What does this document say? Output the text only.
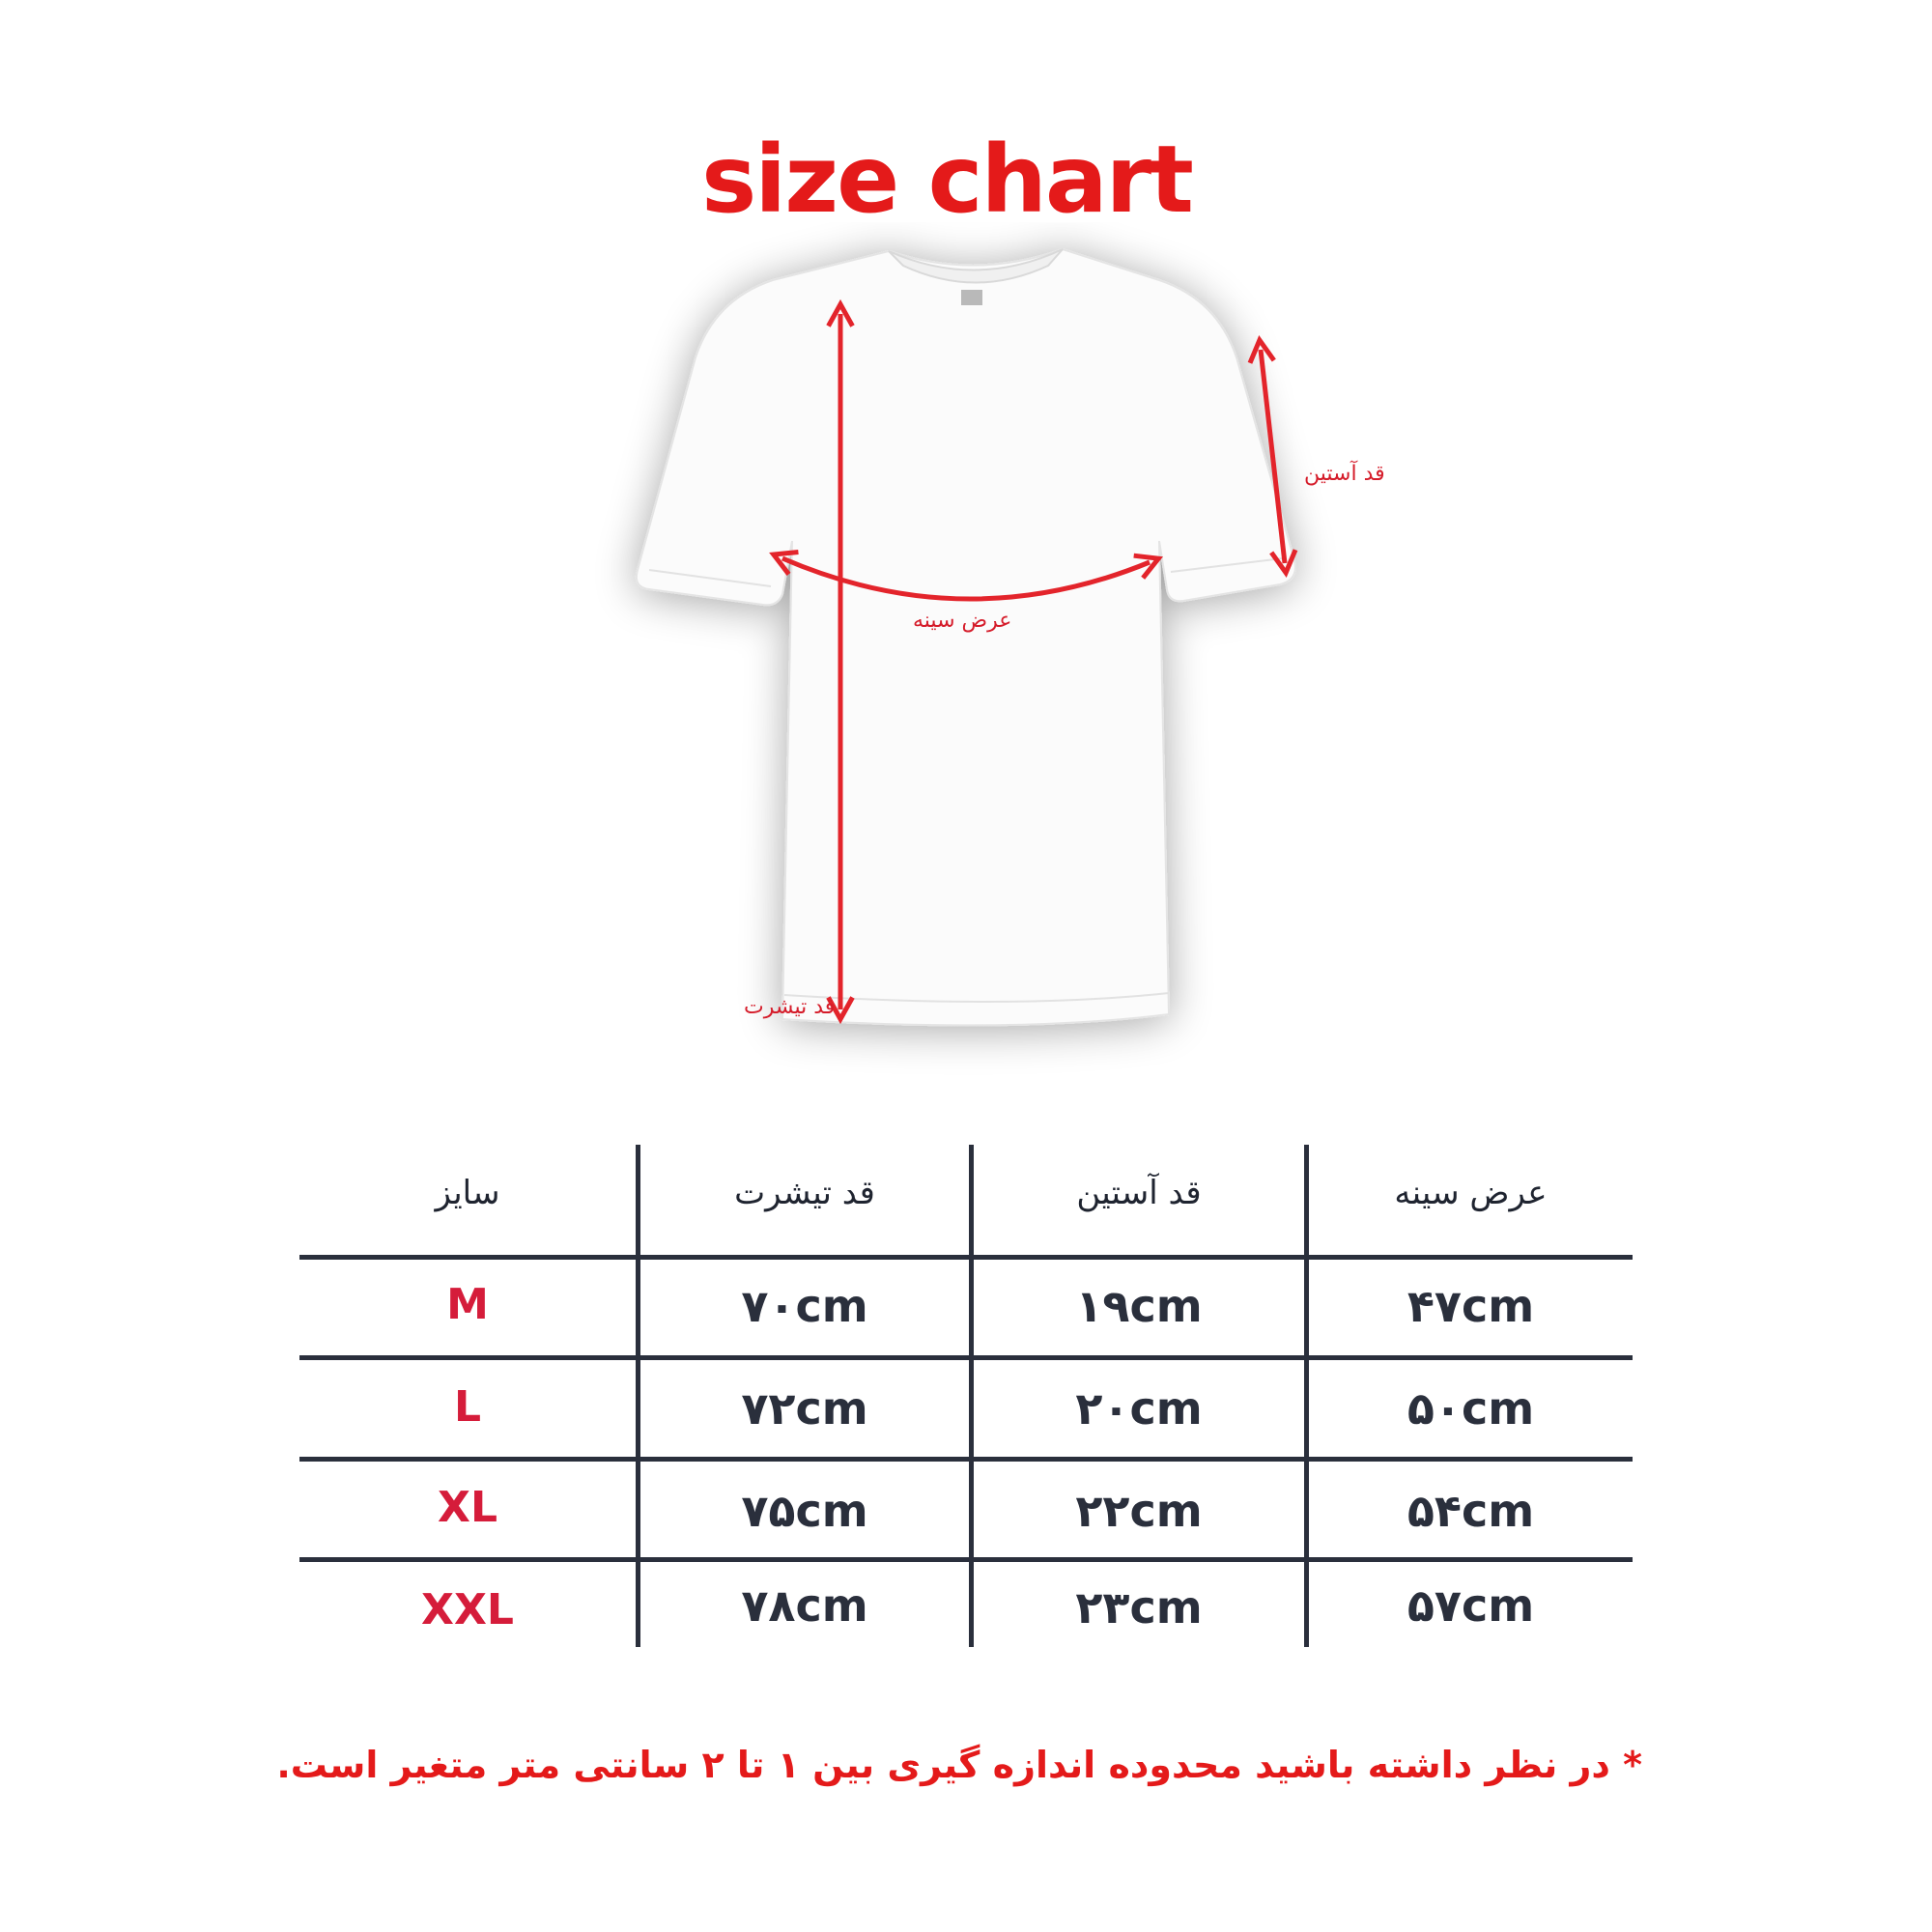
size chart
قد تیشرت
عرض سینه
قد آستین
سایز	قد تیشرت	قد آستین	عرض سینه
M	۷۰cm	۱۹cm	۴۷cm
L	۷۲cm	۲۰cm	۵۰cm
XL	۷۵cm	۲۲cm	۵۴cm
XXL	۷۸cm	۲۳cm	۵۷cm
* در نظر داشته باشید محدوده اندازه گیری بین ۱ تا ۲ سانتی متر متغیر است.
